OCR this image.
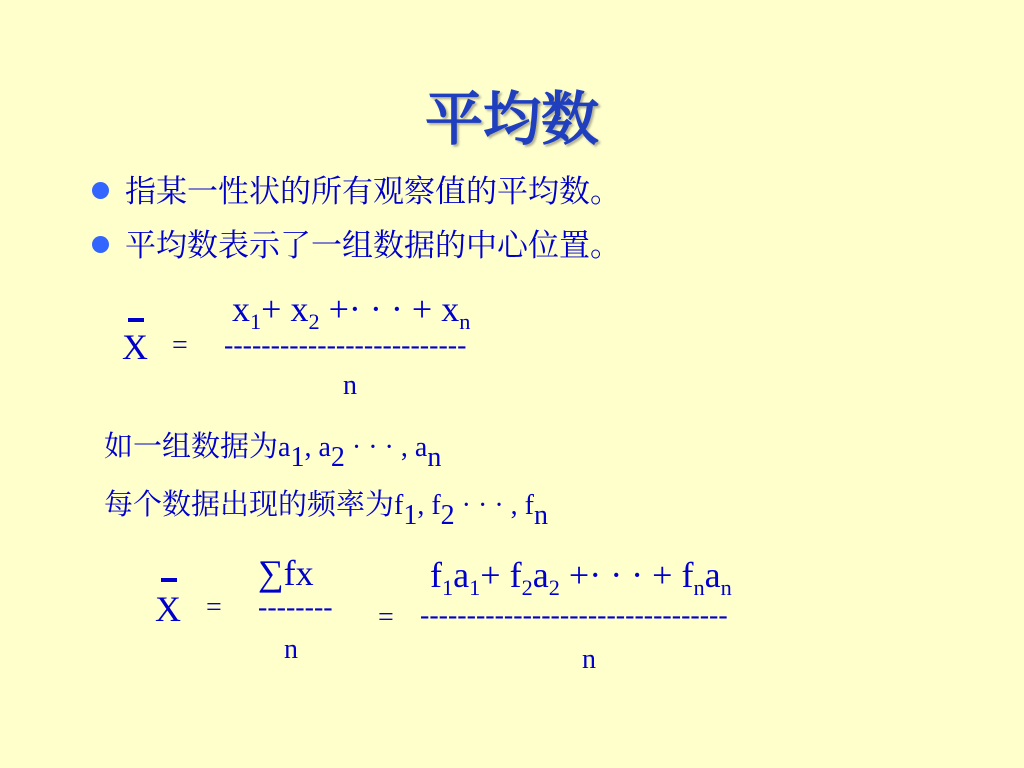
平均数
指某一性状的所有观察值的平均数。
平均数表示了一组数据的中心位置。
X =
$x_1+ x_2$ +· · · + $x_n$
--------------------------
n
如一组数据为$a_1$, $a_2$ · · · , $a_n$
每个数据出现的频率为$f_1$, $f_2$ · · · , $f_n$
X =
∑fx
--------
n
=
$f_1a_1+ f_2a_2$ +· · · + $f_na_n$
---------------------------------
n
